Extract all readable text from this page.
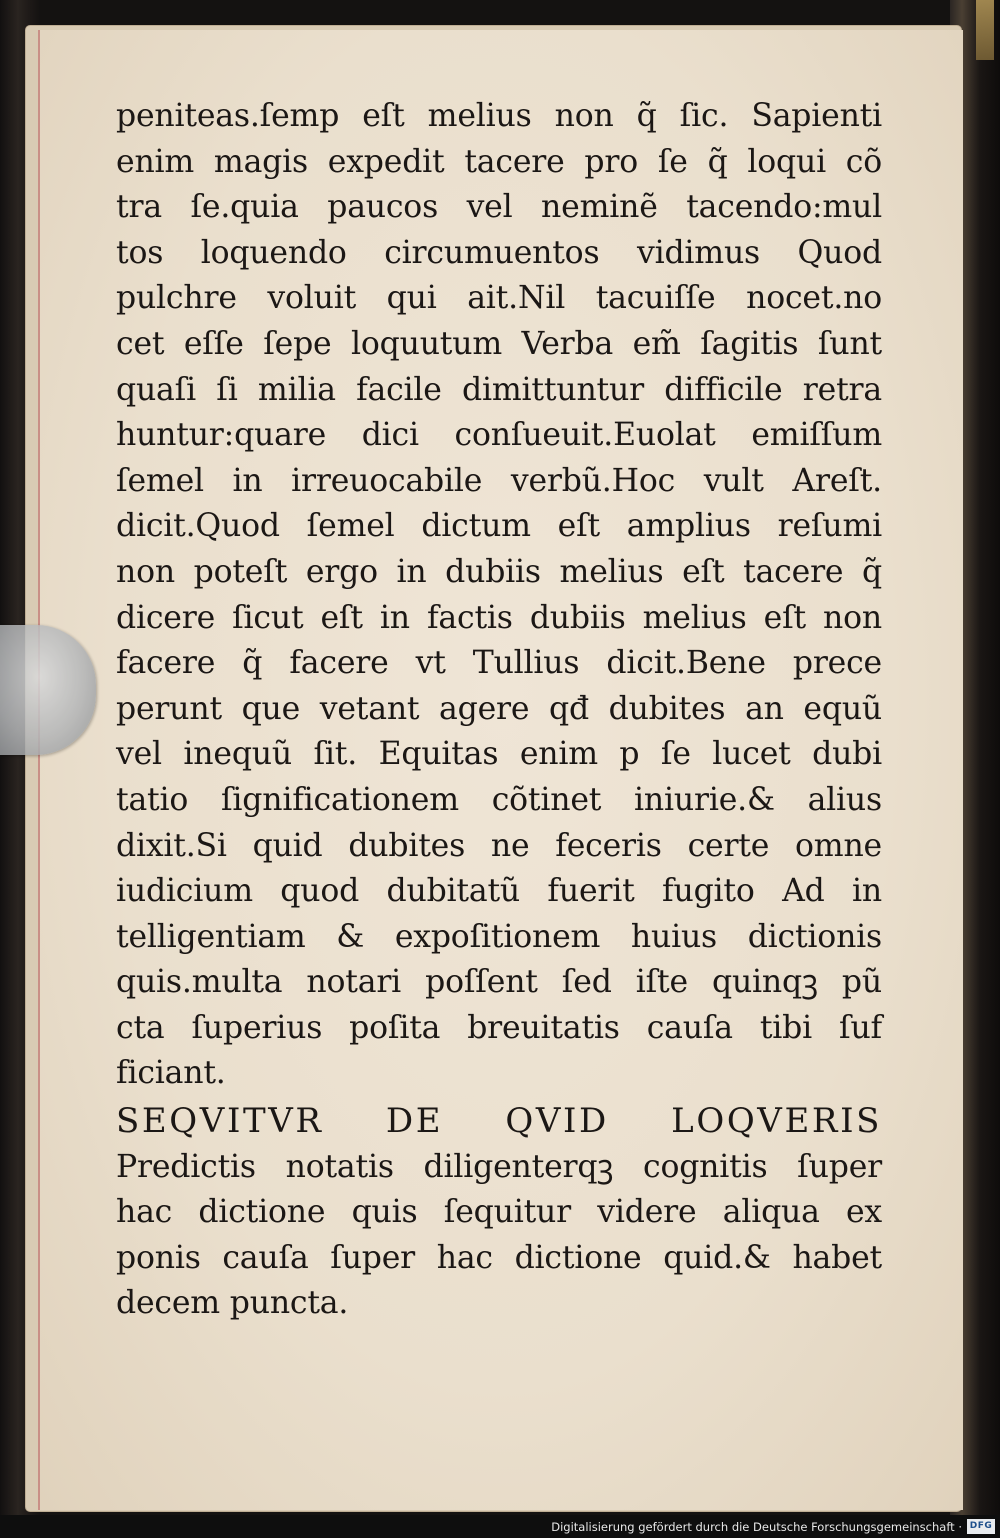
peniteas.ſemp eſt melius non q̃ ſic. Sapienti
enim magis expedit tacere pro ſe q̃ loqui cõ
tra ſe.quia paucos vel neminẽ tacendo:mul
tos loquendo circumuentos vidimus Quod
pulchre voluit qui ait.Nil tacuiſſe nocet.no
cet eſſe ſepe loquutum Verba em̃ ſagitis ſunt
quaſi ſi milia facile dimittuntur difficile retra
huntur:quare dici conſueuit.Euolat emiſſum
ſemel in irreuocabile verbũ.Hoc vult Areſt.
dicit.Quod ſemel dictum eſt amplius reſumi
non poteſt ergo in dubiis melius eſt tacere q̃
dicere ſicut eſt in factis dubiis melius eſt non
facere q̃ facere vt Tullius dicit.Bene prece
perunt que vetant agere qđ dubites an equũ
vel inequũ ſit. Equitas enim p ſe lucet dubi
tatio ſignificationem cõtinet iniurie.& alius
dixit.Si quid dubites ne feceris certe omne
iudicium quod dubitatũ fuerit fugito Ad in
telligentiam & expoſitionem huius dictionis
quis.multa notari poſſent ſed iſte quinqꝫ pũ
cta ſuperius poſita breuitatis cauſa tibi ſuf
ficiant.
SEQVITVR DE QVID LOQVERIS
Predictis notatis diligenterqꝫ cognitis ſuper
hac dictione quis ſequitur videre aliqua ex
ponis cauſa ſuper hac dictione quid.& habet
decem puncta.
Digitalisierung gefördert durch die Deutsche Forschungsgemeinschaft · DFG
